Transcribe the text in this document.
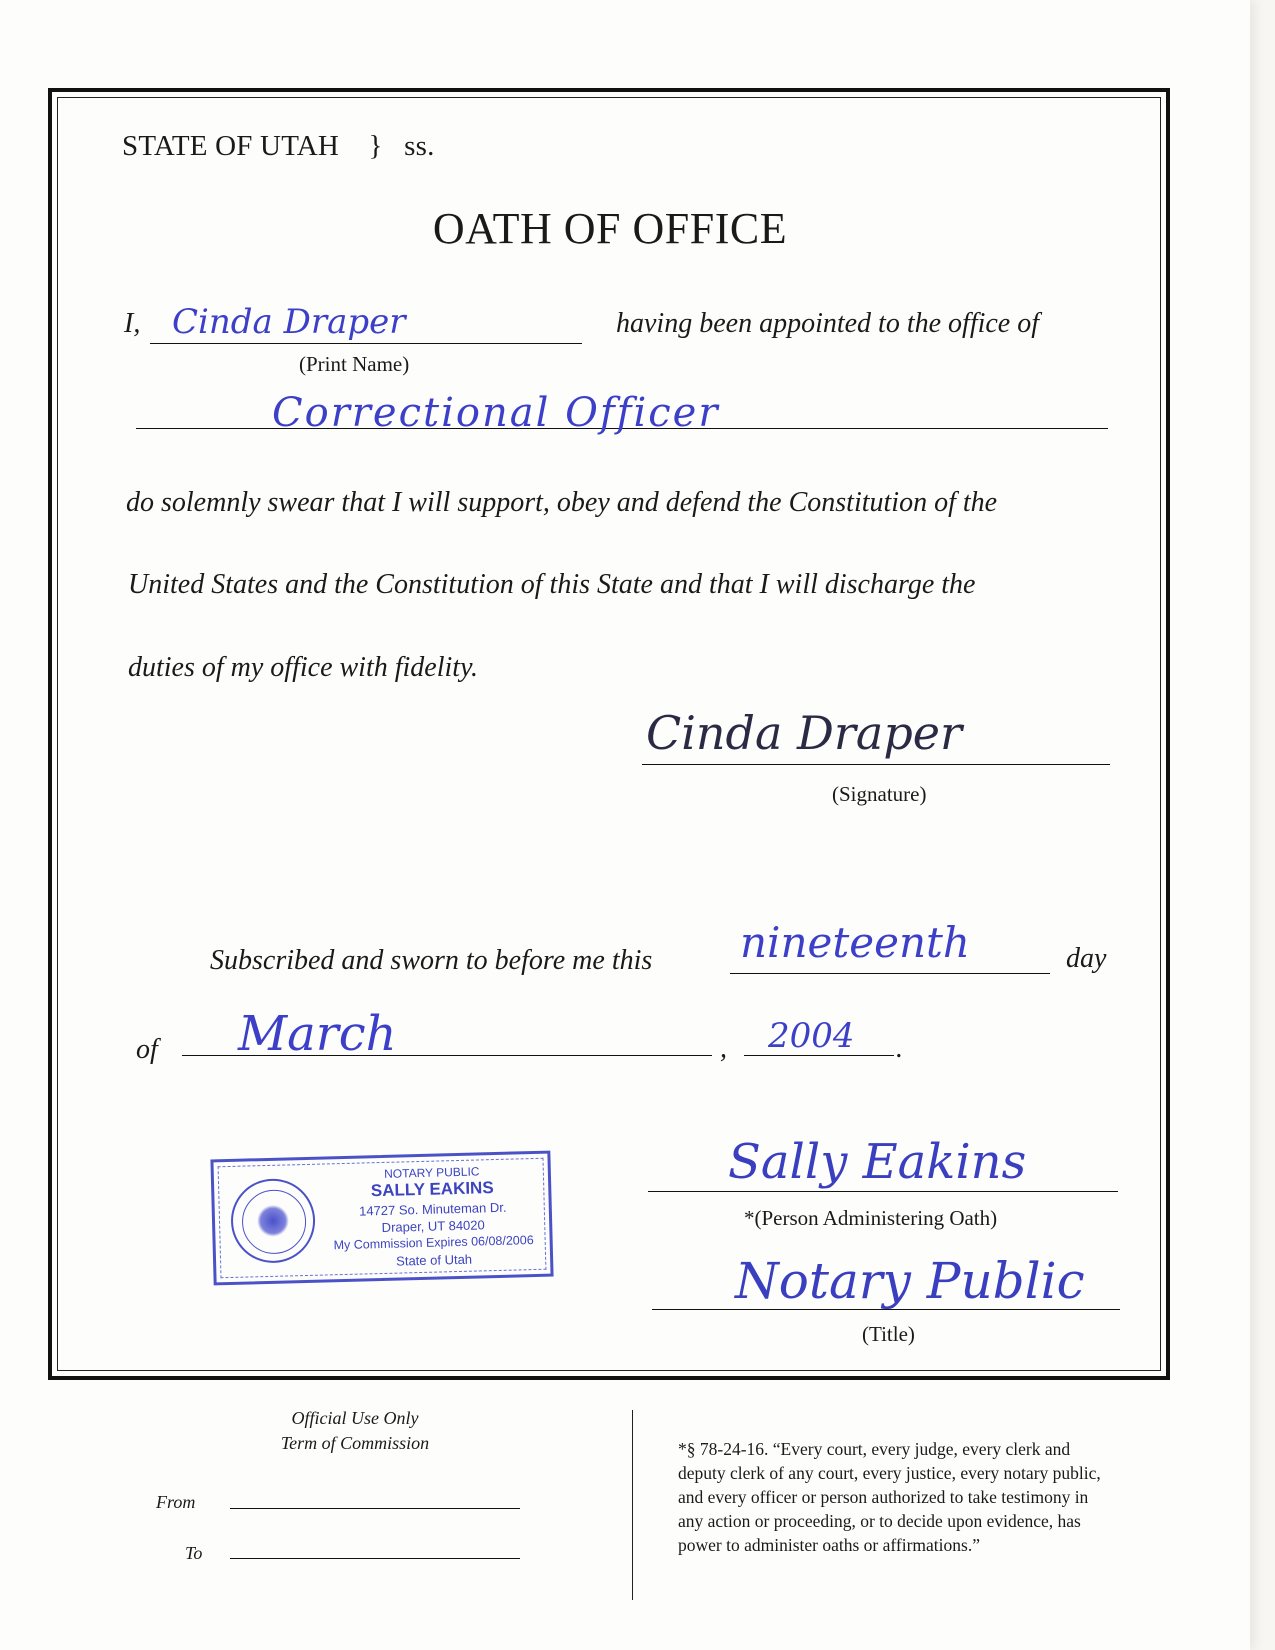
STATE OF UTAH } ss.
OATH OF OFFICE
I, Cinda Draper
(Print Name)
having been appointed to the office of
Correctional Officer
do solemnly swear that I will support, obey and defend the Constitution of the
United States and the Constitution of this State and that I will discharge the
duties of my office with fidelity.
Cinda Draper
(Signature)
Subscribed and sworn to before me this nineteenth	day
of March	, 2004 .
NOTARY PUBLIC
SALLY EAKINS
14727 So. Minuteman Dr.
Draper, UT 84020
My Commission Expires 06/08/2006
State of Utah
Sally Eakins
*(Person Administering Oath)
Notary Public
(Title)
Official Use Only
Term of Commission
From
To

*§ 78-24-16. “Every court, every judge, every clerk and

deputy clerk of any court, every justice, every notary public,

and every officer or person authorized to take testimony in

any action or proceeding, or to decide upon evidence, has

power to administer oaths or affirmations.”
